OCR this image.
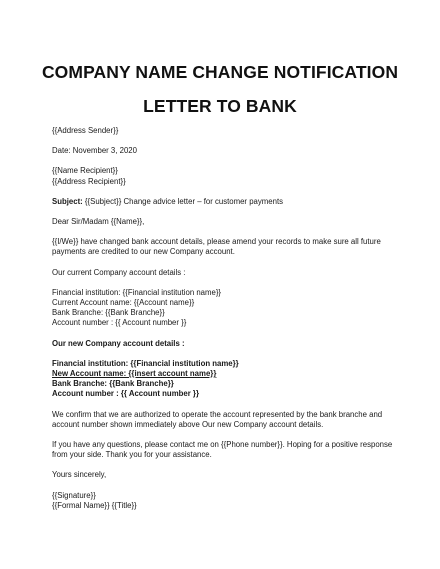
COMPANY NAME CHANGE NOTIFICATION
LETTER TO BANK

{{Address Sender}}

Date: November 3, 2020

{{Name Recipient}}

{{Address Recipient}}

Subject: {{Subject}} Change advice letter – for customer payments

Dear Sir/Madam {{Name}},

{{I/We}} have changed bank account details, please amend your records to make sure all future payments are credited to our new Company account.

Our current Company account details :

Financial institution: {{Financial institution name}}

Current Account name: {{Account name}}

Bank Branche: {{Bank Branche}}

Account number : {{ Account number }}

Our new Company account details :

Financial institution: {{Financial institution name}}

New Account name: {{insert account name}}

Bank Branche: {{Bank Branche}}

Account number : {{ Account number }}

We confirm that we are authorized to operate the account represented by the bank branche and account number shown immediately above Our new Company account details.

If you have any questions, please contact me on {{Phone number}}. Hoping for a positive response from your side. Thank you for your assistance.

Yours sincerely,

{{Signature}}

{{Formal Name}} {{Title}}
